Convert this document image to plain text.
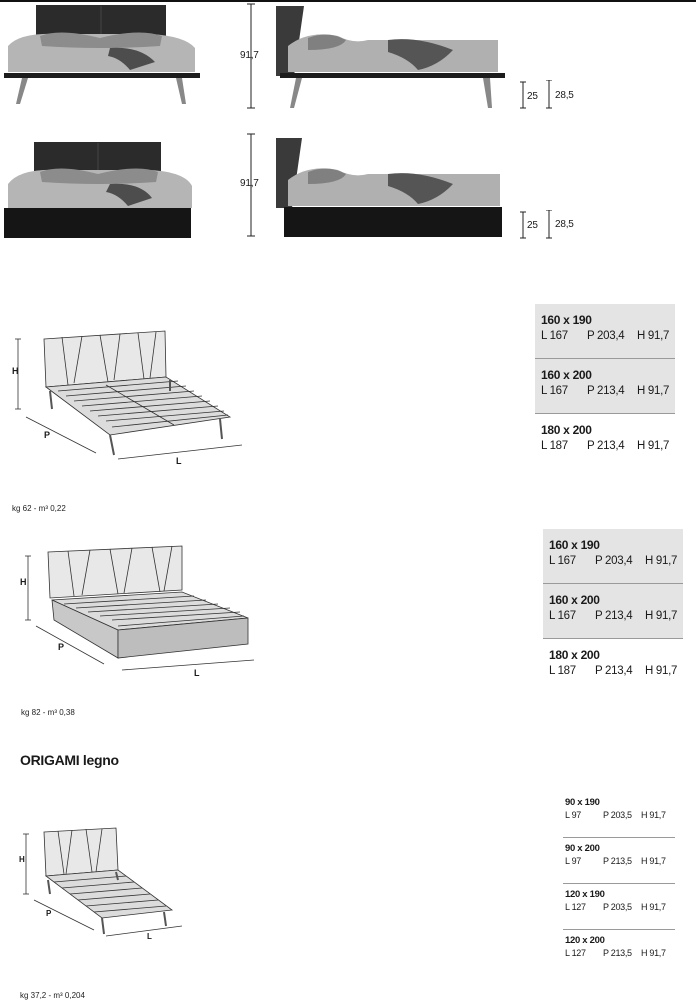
91,7
25 28,5
91,7
25 28,5
H
P
L
kg 62 - m³ 0,22
160 x 190
L 167	P 203,4	H 91,7
160 x 200
L 167	P 213,4	H 91,7
180 x 200
L 187	P 213,4	H 91,7
H
P
L
kg 82 - m³ 0,38
160 x 190
L 167	P 203,4	H 91,7
160 x 200
L 167	P 213,4	H 91,7
180 x 200
L 187	P 213,4	H 91,7
ORIGAMI legno
H
P
L
kg 37,2 - m³ 0,204
90 x 190
L 97	P 203,5	H 91,7
90 x 200
L 97	P 213,5	H 91,7
120 x 190
L 127	P 203,5	H 91,7
120 x 200
L 127	P 213,5	H 91,7
